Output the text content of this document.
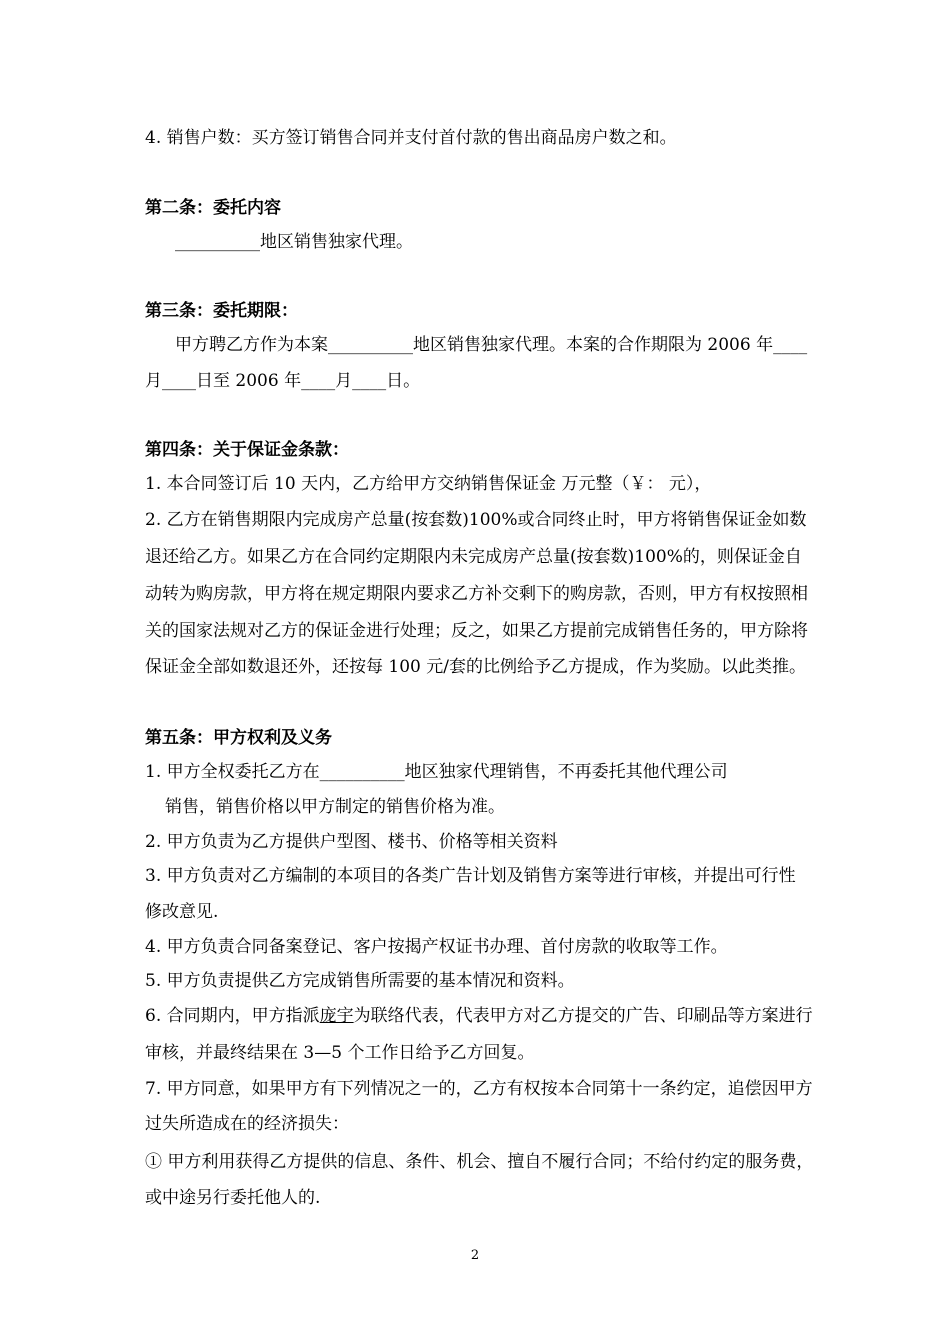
4. 销售户数：买方签订销售合同并支付首付款的售出商品房户数之和。
第二条：委托内容
__________地区销售独家代理。
第三条：委托期限：
甲方聘乙方作为本案__________地区销售独家代理。本案的合作期限为 2006 年____
月____日至 2006 年____月____日。
第四条：关于保证金条款：
1. 本合同签订后 10 天内，乙方给甲方交纳销售保证金 万元整（￥： 元），
2. 乙方在销售期限内完成房产总量(按套数)100%或合同终止时，甲方将销售保证金如数
退还给乙方。如果乙方在合同约定期限内未完成房产总量(按套数)100%的，则保证金自
动转为购房款，甲方将在规定期限内要求乙方补交剩下的购房款，否则，甲方有权按照相
关的国家法规对乙方的保证金进行处理；反之，如果乙方提前完成销售任务的，甲方除将
保证金全部如数退还外，还按每 100 元/套的比例给予乙方提成，作为奖励。以此类推。
第五条：甲方权利及义务
1. 甲方全权委托乙方在__________地区独家代理销售，不再委托其他代理公司
销售，销售价格以甲方制定的销售价格为准。
2. 甲方负责为乙方提供户型图、楼书、价格等相关资料
3. 甲方负责对乙方编制的本项目的各类广告计划及销售方案等进行审核，并提出可行性
修改意见.
4. 甲方负责合同备案登记、客户按揭产权证书办理、首付房款的收取等工作。
5. 甲方负责提供乙方完成销售所需要的基本情况和资料。
6. 合同期内，甲方指派庞宇为联络代表，代表甲方对乙方提交的广告、印刷品等方案进行
审核，并最终结果在 3—5 个工作日给予乙方回复。
7. 甲方同意，如果甲方有下列情况之一的，乙方有权按本合同第十一条约定，追偿因甲方
过失所造成在的经济损失：
① 甲方利用获得乙方提供的信息、条件、机会、擅自不履行合同；不给付约定的服务费，
或中途另行委托他人的.
2
